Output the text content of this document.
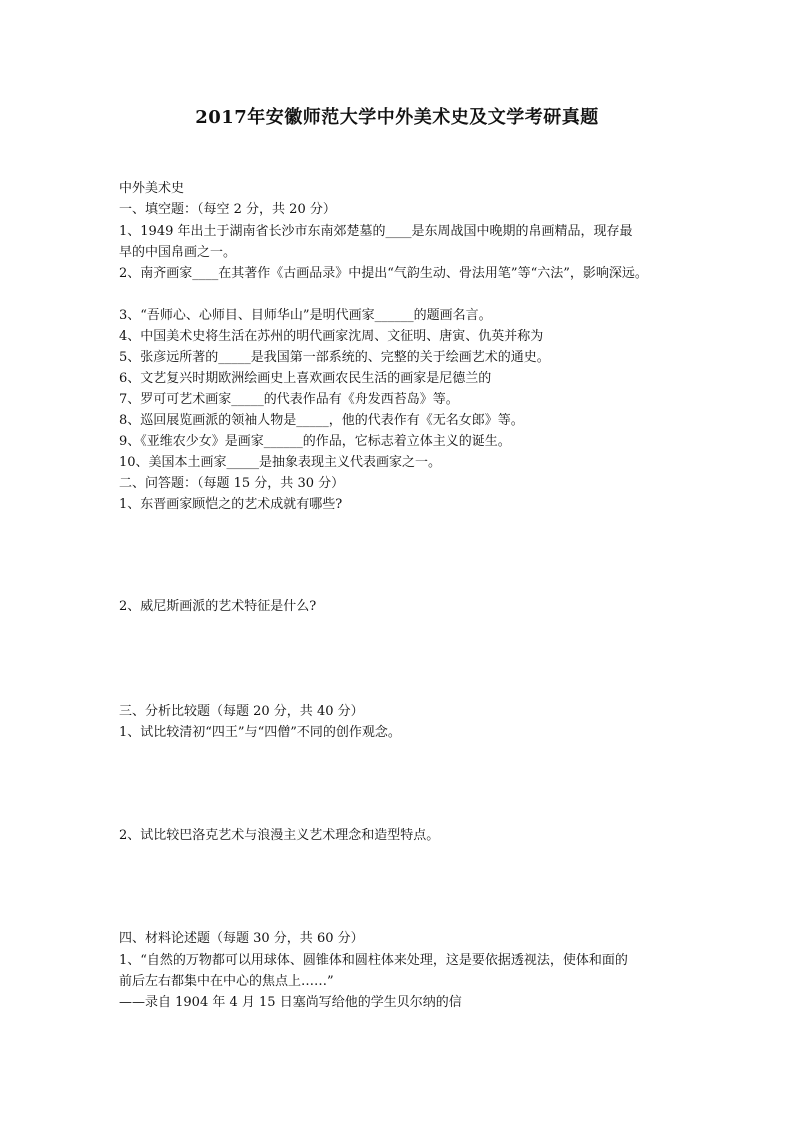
2017年安徽师范大学中外美术史及文学考研真题
中外美术史
一、填空题：（每空 2 分，共 20 分）
1、1949 年出土于湖南省长沙市东南郊楚墓的____是东周战国中晚期的帛画精品，现存最
早的中国帛画之一。
2、南齐画家____在其著作《古画品录》中提出“气韵生动、骨法用笔”等“六法”，影响深远。
3、“吾师心、心师目、目师华山”是明代画家______的题画名言。
4、中国美术史将生活在苏州的明代画家沈周、文征明、唐寅、仇英并称为
5、张彦远所著的_____是我国第一部系统的、完整的关于绘画艺术的通史。
6、文艺复兴时期欧洲绘画史上喜欢画农民生活的画家是尼德兰的
7、罗可可艺术画家_____的代表作品有《舟发西苔岛》等。
8、巡回展览画派的领袖人物是_____，他的代表作有《无名女郎》等。
9、《亚维农少女》是画家______的作品，它标志着立体主义的诞生。
10、美国本土画家_____是抽象表现主义代表画家之一。
二、问答题：（每题 15 分，共 30 分）
1、东晋画家顾恺之的艺术成就有哪些?
2、威尼斯画派的艺术特征是什么?
三、分析比较题（每题 20 分，共 40 分）
1、试比较清初“四王”与“四僧”不同的创作观念。
2、试比较巴洛克艺术与浪漫主义艺术理念和造型特点。
四、材料论述题（每题 30 分，共 60 分）
1、“自然的万物都可以用球体、圆锥体和圆柱体来处理，这是要依据透视法，使体和面的
前后左右都集中在中心的焦点上……”
——录自 1904 年 4 月 15 日塞尚写给他的学生贝尔纳的信
